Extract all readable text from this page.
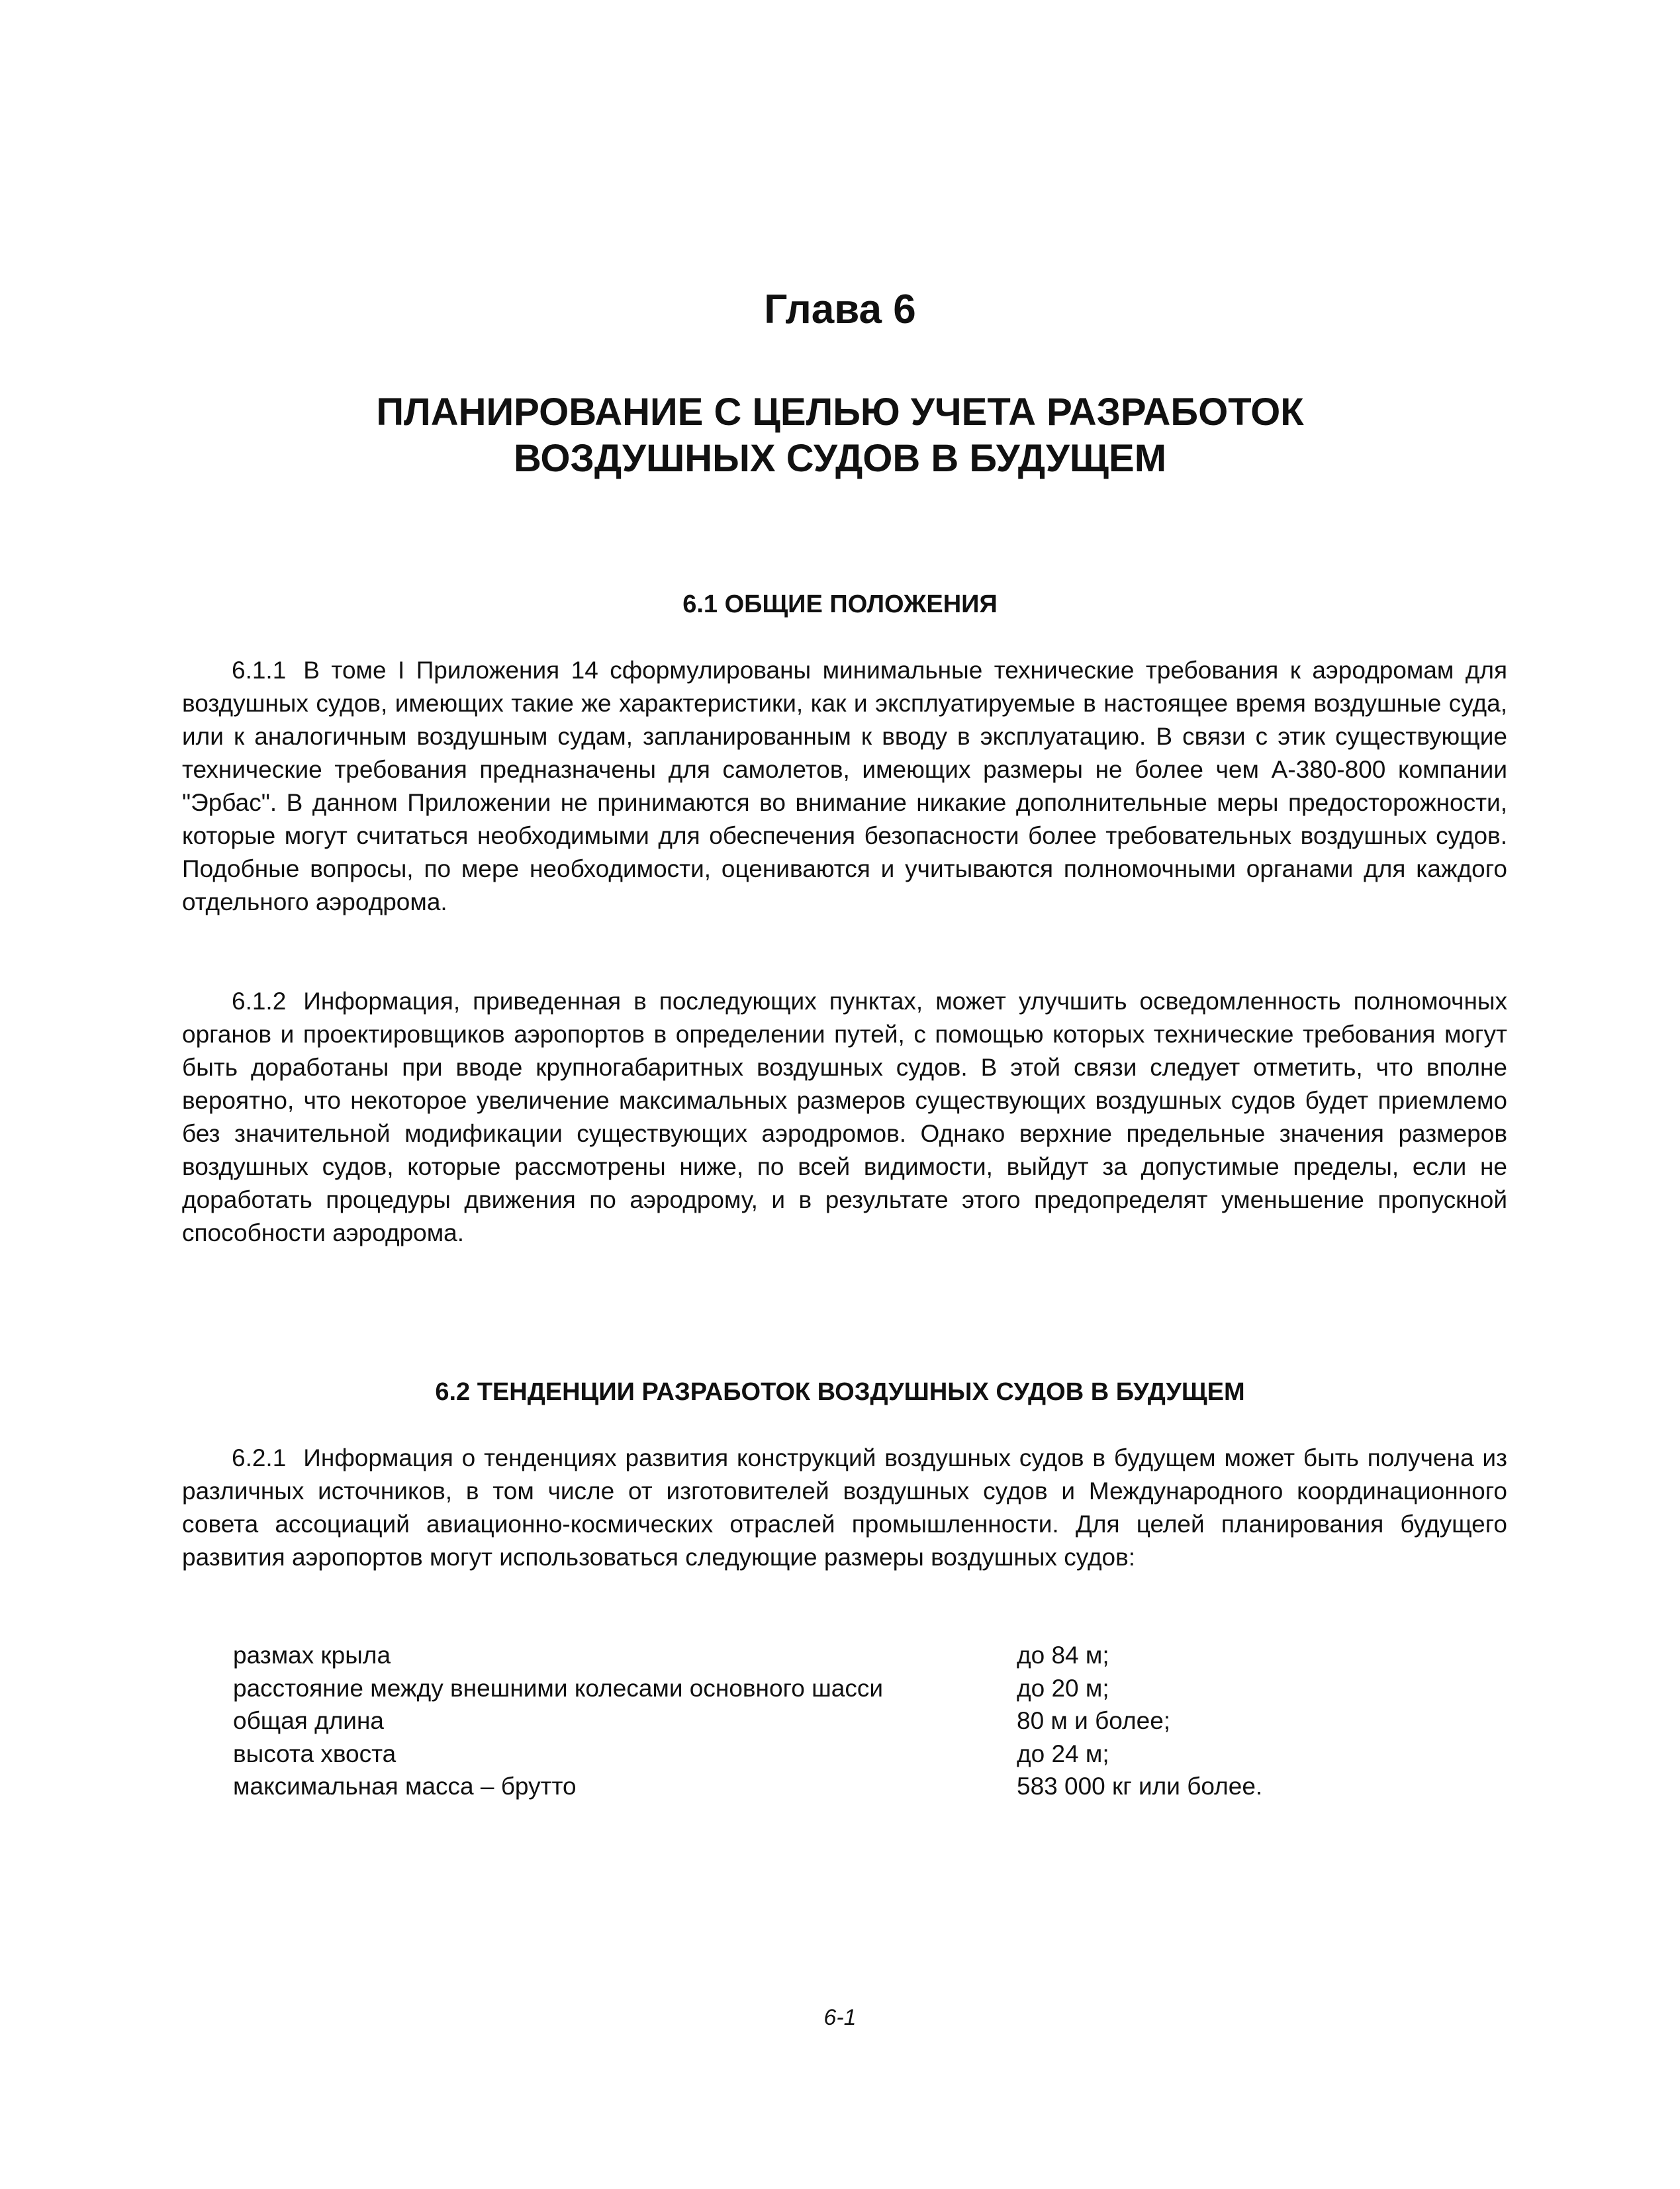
Глава 6
ПЛАНИРОВАНИЕ С ЦЕЛЬЮ УЧЕТА РАЗРАБОТОК
ВОЗДУШНЫХ СУДОВ В БУДУЩЕМ
6.1 ОБЩИЕ ПОЛОЖЕНИЯ

6.1.1 В томе I Приложения 14 сформулированы минимальные технические требования к аэродромам для воздушных судов, имеющих такие же характеристики, как и эксплуатируемые в настоящее время воздушные суда, или к аналогичным воздушным судам, запланированным к вводу в эксплуатацию. В связи с этик существующие технические требования предназначены для самолетов, имеющих размеры не более чем A-380-800 компании "Эрбас". В данном Приложении не принимаются во внимание никакие дополнительные меры предосторожности, которые могут считаться необходимыми для обеспечения безопасности более требовательных воздушных судов. Подобные вопросы, по мере необходимости, оцениваются и учитываются полномочными органами для каждого отдельного аэродрома.

6.1.2 Информация, приведенная в последующих пунктах, может улучшить осведомленность полномочных органов и проектировщиков аэропортов в определении путей, с помощью которых технические требования могут быть доработаны при вводе крупногабаритных воздушных судов. В этой связи следует отметить, что вполне вероятно, что некоторое увеличение максимальных размеров существующих воздушных судов будет приемлемо без значительной модификации существующих аэродромов. Однако верхние предельные значения размеров воздушных судов, которые рассмотрены ниже, по всей видимости, выйдут за допустимые пределы, если не доработать процедуры движения по аэродрому, и в результате этого предопределят уменьшение пропускной способности аэродрома.

6.2 ТЕНДЕНЦИИ РАЗРАБОТОК ВОЗДУШНЫХ СУДОВ В БУДУЩЕМ

6.2.1 Информация о тенденциях развития конструкций воздушных судов в будущем может быть получена из различных источников, в том числе от изготовителей воздушных судов и Международного координационного совета ассоциаций авиационно-космических отраслей промышленности. Для целей планирования будущего развития аэропортов могут использоваться следующие размеры воздушных судов:

размах крыла	до 84 м;
расстояние между внешними колесами основного шасси	до 20 м;
общая длина	80 м и более;
высота хвоста	до 24 м;
максимальная масса – брутто	583 000 кг или более.
6-1
